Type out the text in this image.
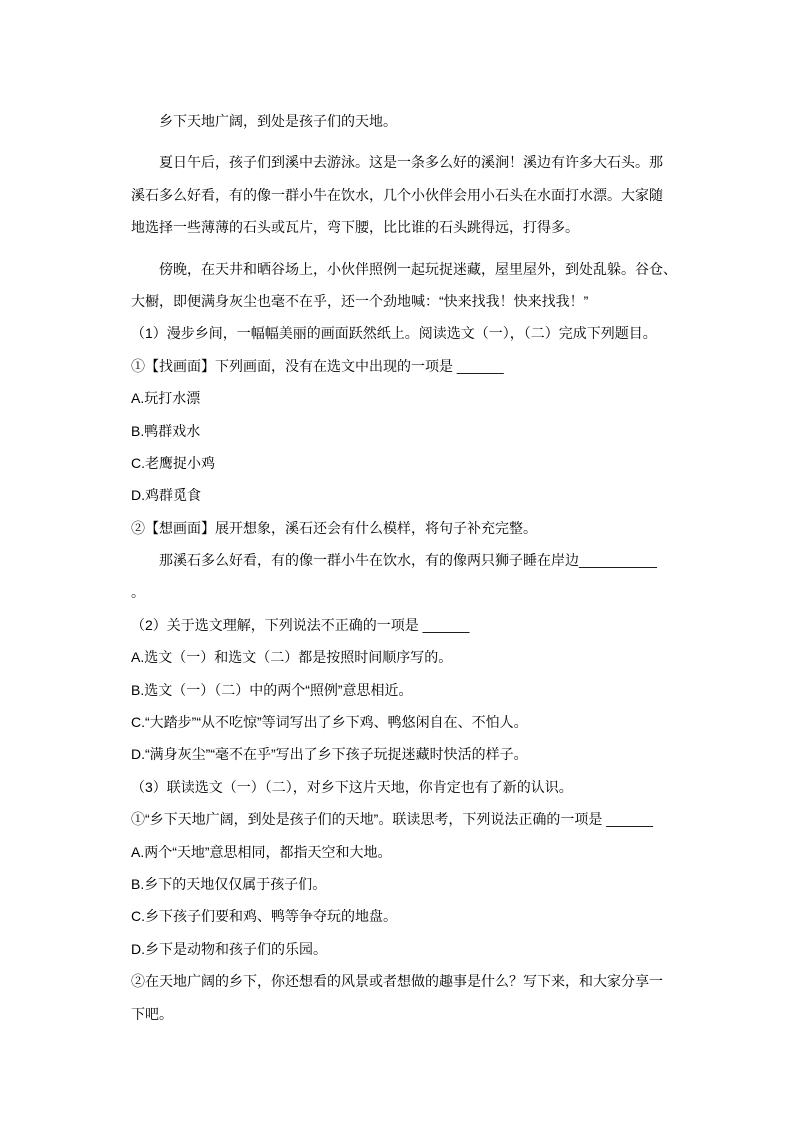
乡下天地广阔，到处是孩子们的天地。
夏日午后，孩子们到溪中去游泳。这是一条多么好的溪涧！溪边有许多大石头。那
溪石多么好看，有的像一群小牛在饮水，几个小伙伴会用小石头在水面打水漂。大家随
地选择一些薄薄的石头或瓦片，弯下腰，比比谁的石头跳得远，打得多。
傍晚，在天井和晒谷场上，小伙伴照例一起玩捉迷藏，屋里屋外，到处乱躲。谷仓、
大橱，即便满身灰尘也毫不在乎，还一个劲地喊：“快来找我！快来找我！”
（1）漫步乡间，一幅幅美丽的画面跃然纸上。阅读选文（一），（二）完成下列题目。
①【找画面】下列画面，没有在选文中出现的一项是 ______
A.玩打水漂
B.鸭群戏水
C.老鹰捉小鸡
D.鸡群觅食
②【想画面】展开想象，溪石还会有什么模样，将句子补充完整。
那溪石多么好看，有的像一群小牛在饮水，有的像两只狮子睡在岸边__________
。
（2）关于选文理解，下列说法不正确的一项是 ______
A.选文（一）和选文（二）都是按照时间顺序写的。
B.选文（一）（二）中的两个“照例”意思相近。
C.“大踏步”“从不吃惊”等词写出了乡下鸡、鸭悠闲自在、不怕人。
D.“满身灰尘”“毫不在乎”写出了乡下孩子玩捉迷藏时快活的样子。
（3）联读选文（一）（二），对乡下这片天地，你肯定也有了新的认识。
①“乡下天地广阔，到处是孩子们的天地”。联读思考，下列说法正确的一项是 ______
A.两个“天地”意思相同，都指天空和大地。
B.乡下的天地仅仅属于孩子们。
C.乡下孩子们要和鸡、鸭等争夺玩的地盘。
D.乡下是动物和孩子们的乐园。
②在天地广阔的乡下，你还想看的风景或者想做的趣事是什么？写下来，和大家分享一
下吧。
